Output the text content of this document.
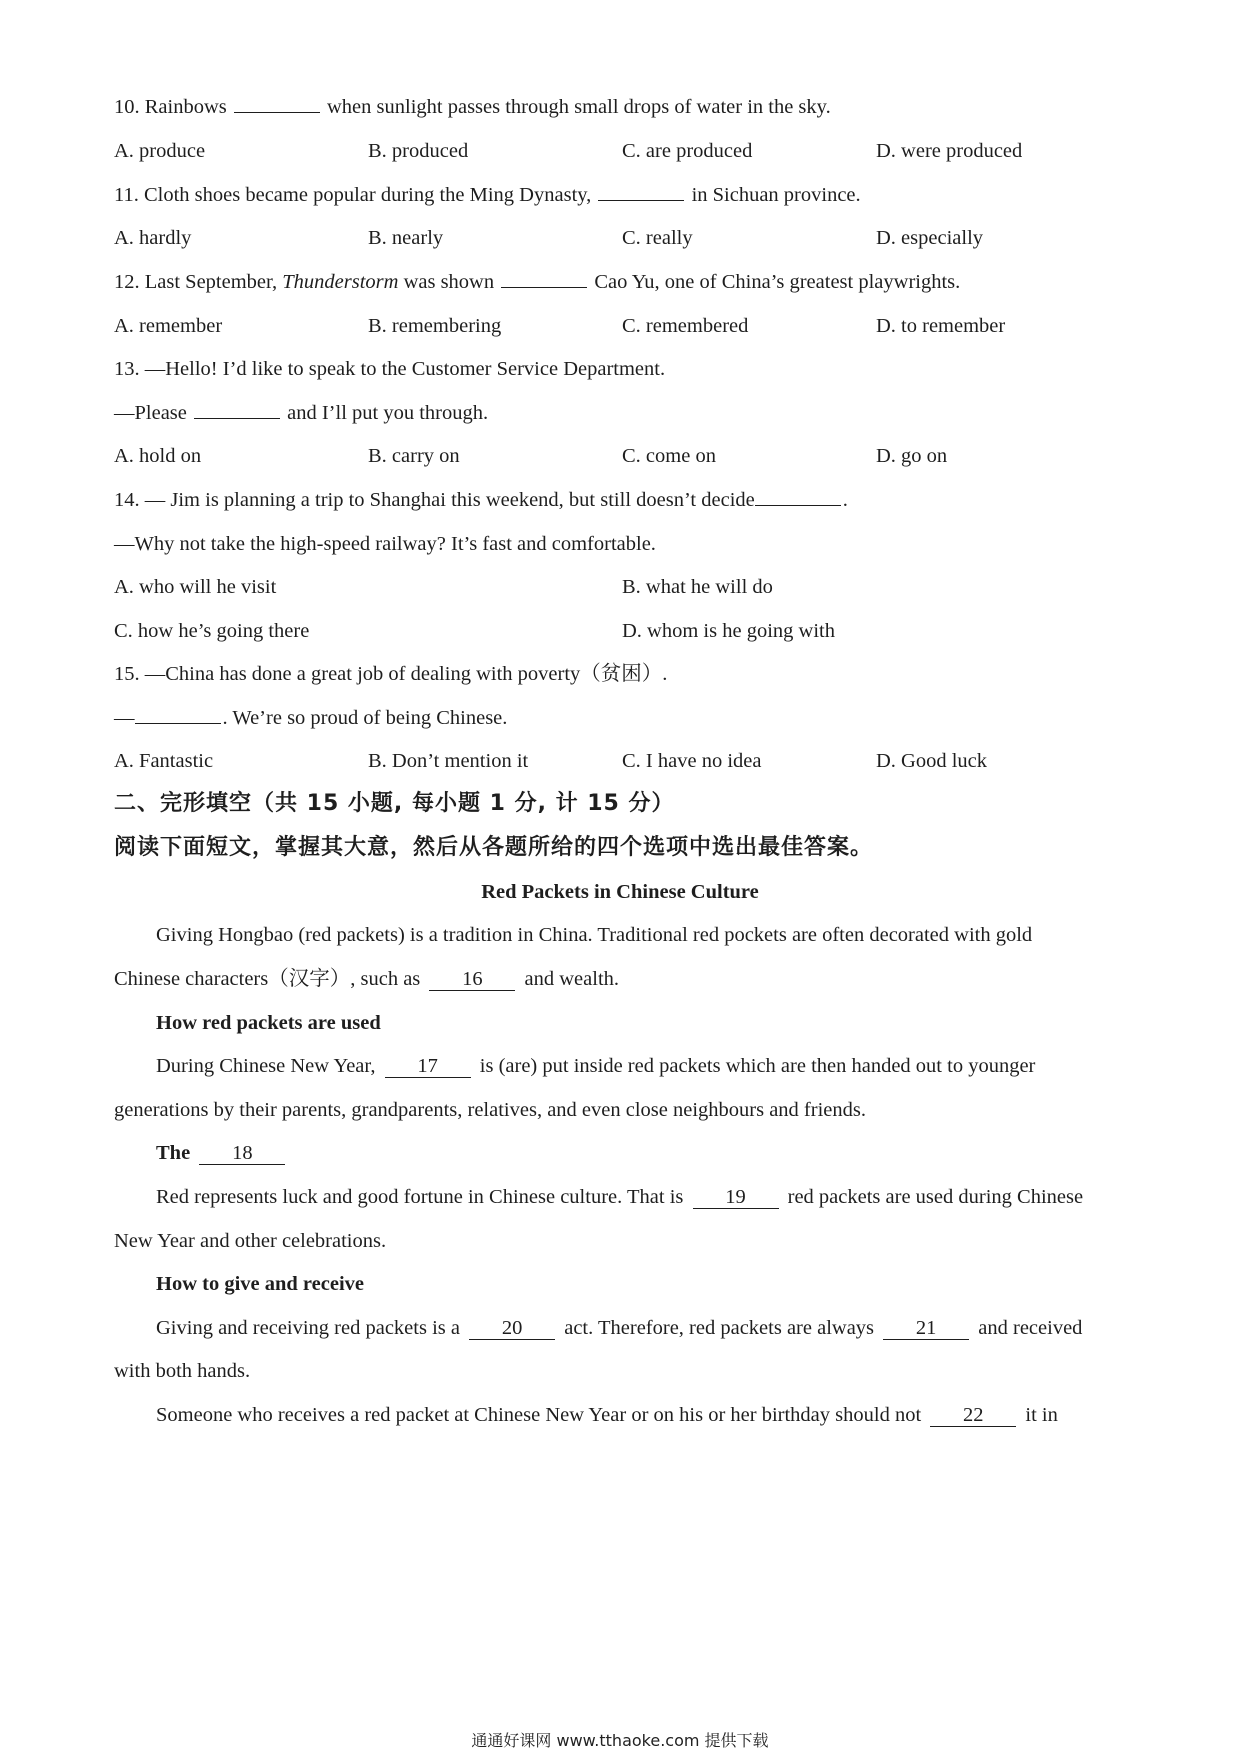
10. Rainbows	when sunlight passes through small drops of water in the sky.
A. produce	B. produced	C. are produced	D. were produced
11. Cloth shoes became popular during the Ming Dynasty,	in Sichuan province.
A. hardly	B. nearly	C. really	D. especially
12. Last September, Thunderstorm was shown	Cao Yu, one of China’s greatest playwrights.
A. remember	B. remembering	C. remembered	D. to remember
13. —Hello! I’d like to speak to the Customer Service Department.
—Please	and I’ll put you through.
A. hold on	B. carry on	C. come on	D. go on
14. — Jim is planning a trip to Shanghai this weekend, but still doesn’t decide	.
—Why not take the high-speed railway? It’s fast and comfortable.
A. who will he visit	B. what he will do
C. how he’s going there	D. whom is he going with
15. —China has done a great job of dealing with poverty（贫困）.
—	. We’re so proud of being Chinese.
A. Fantastic	B. Don’t mention it	C. I have no idea	D. Good luck
二、完形填空（共 15 小题, 每小题 1 分, 计 15 分）
阅读下面短文，掌握其大意，然后从各题所给的四个选项中选出最佳答案。
Red Packets in Chinese Culture
Giving Hongbao (red packets) is a tradition in China. Traditional red pockets are often decorated with gold
Chinese characters（汉字）, such as 16 and wealth.
How red packets are used
During Chinese New Year, 17 is (are) put inside red packets which are then handed out to younger
generations by their parents, grandparents, relatives, and even close neighbours and friends.
The 18
Red represents luck and good fortune in Chinese culture. That is 19 red packets are used during Chinese
New Year and other celebrations.
How to give and receive
Giving and receiving red packets is a 20 act. Therefore, red packets are always 21 and received
with both hands.
Someone who receives a red packet at Chinese New Year or on his or her birthday should not 22 it in
通通好课网 www.tthaoke.com 提供下载
